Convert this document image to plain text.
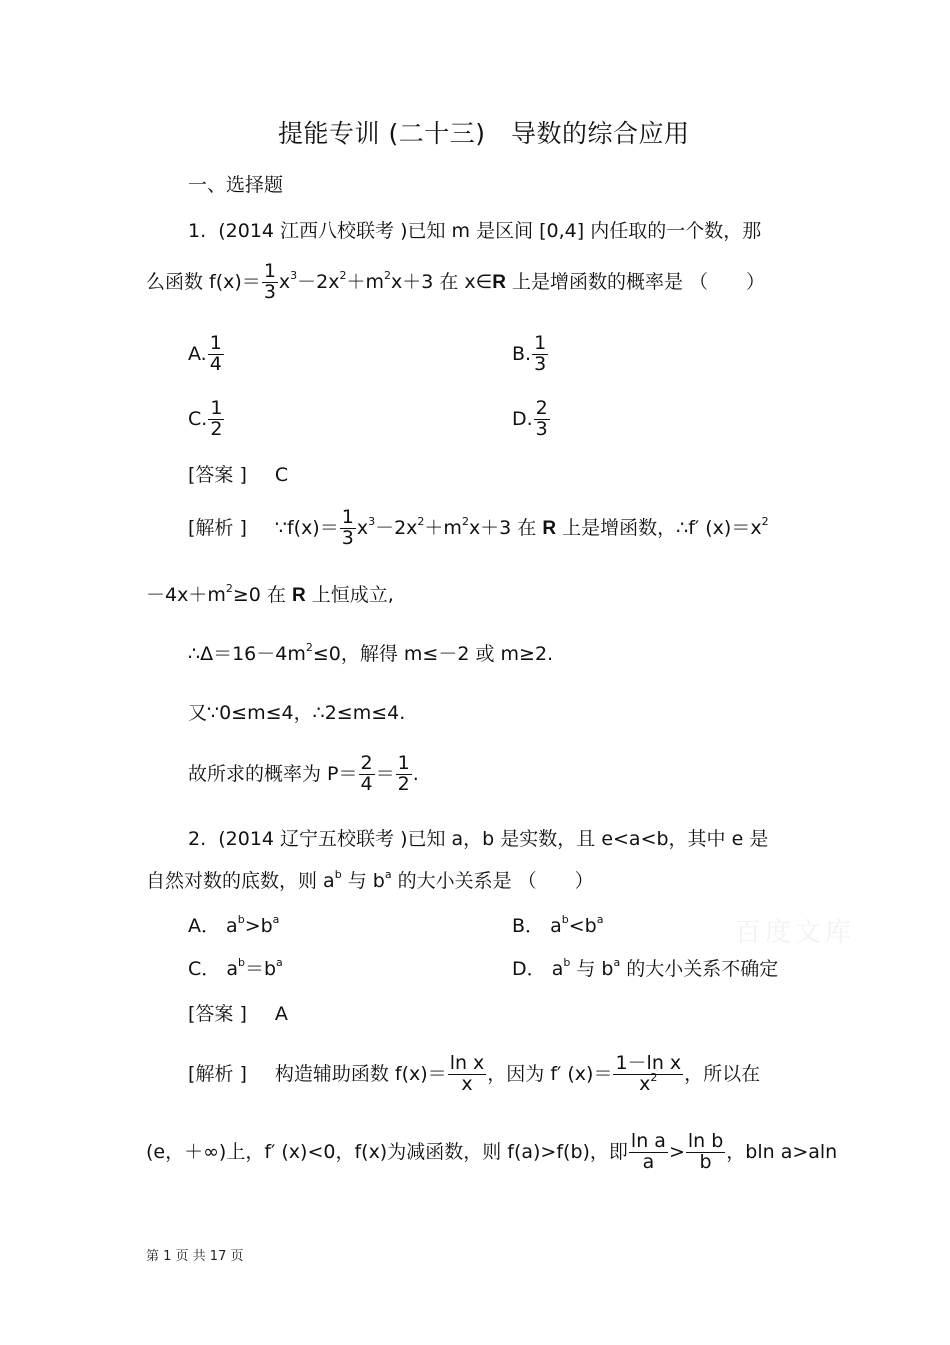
提能专训 (二十三)　导数的综合应用
一、选择题
1. (2014 江西八校联考 )已知 m 是区间 [0,4] 内任取的一个数，那
么函数 $f(x)= \frac{1}{3} x^3-2x^2+m^2x+3$ 在 x∈R 上是增函数的概率是 （　　）
A. $\frac{1}{4}$	B. $\frac{1}{3}$
C. $\frac{1}{2}$	D. $\frac{2}{3}$
[答案 ] C
[解析 ] ∵f(x)＝ $\frac{1}{3} x^3-2x^2+m^2x+3$ 在 R 上是增函数，∴f′ $(x)=x^2$
$-4x+m^2\ge 0$ 在 R 上恒成立,
$\therefore\Delta=16-4m^2\le 0$，解得 m≤－2 或 m≥2.
又∵0≤m≤4，∴2≤m≤4.
故所求的概率为 $P= \frac{2}{4} = \frac{1}{2}$ .
2. (2014 辽宁五校联考 )已知 a，b 是实数，且 e<a<b，其中 e 是
自然对数的底数，则 $a^b$ 与 $b^a$ 的大小关系是 （　　）
A． $a^b>b^a$	B． $a^b<b^a$
C． $a^b=b^a$	D． $a^b$ 与 $b^a$ 的大小关系不确定
[答案 ] A
[解析 ] 构造辅助函数 $f(x)= \frac{\text{ln x}}{x}$ ，因为 f′ $(x)= \frac{\text{1－ln x}}{x^2}$ ，所以在
(e，＋∞)上，f′ (x)<0，f(x)为减函数，则 f(a)>f(b)，即 $\frac{\text{ln a}}{a} > \frac{\text{ln b}}{b}$ ，bln a>aln
百度文库
第 1 页 共 17 页
